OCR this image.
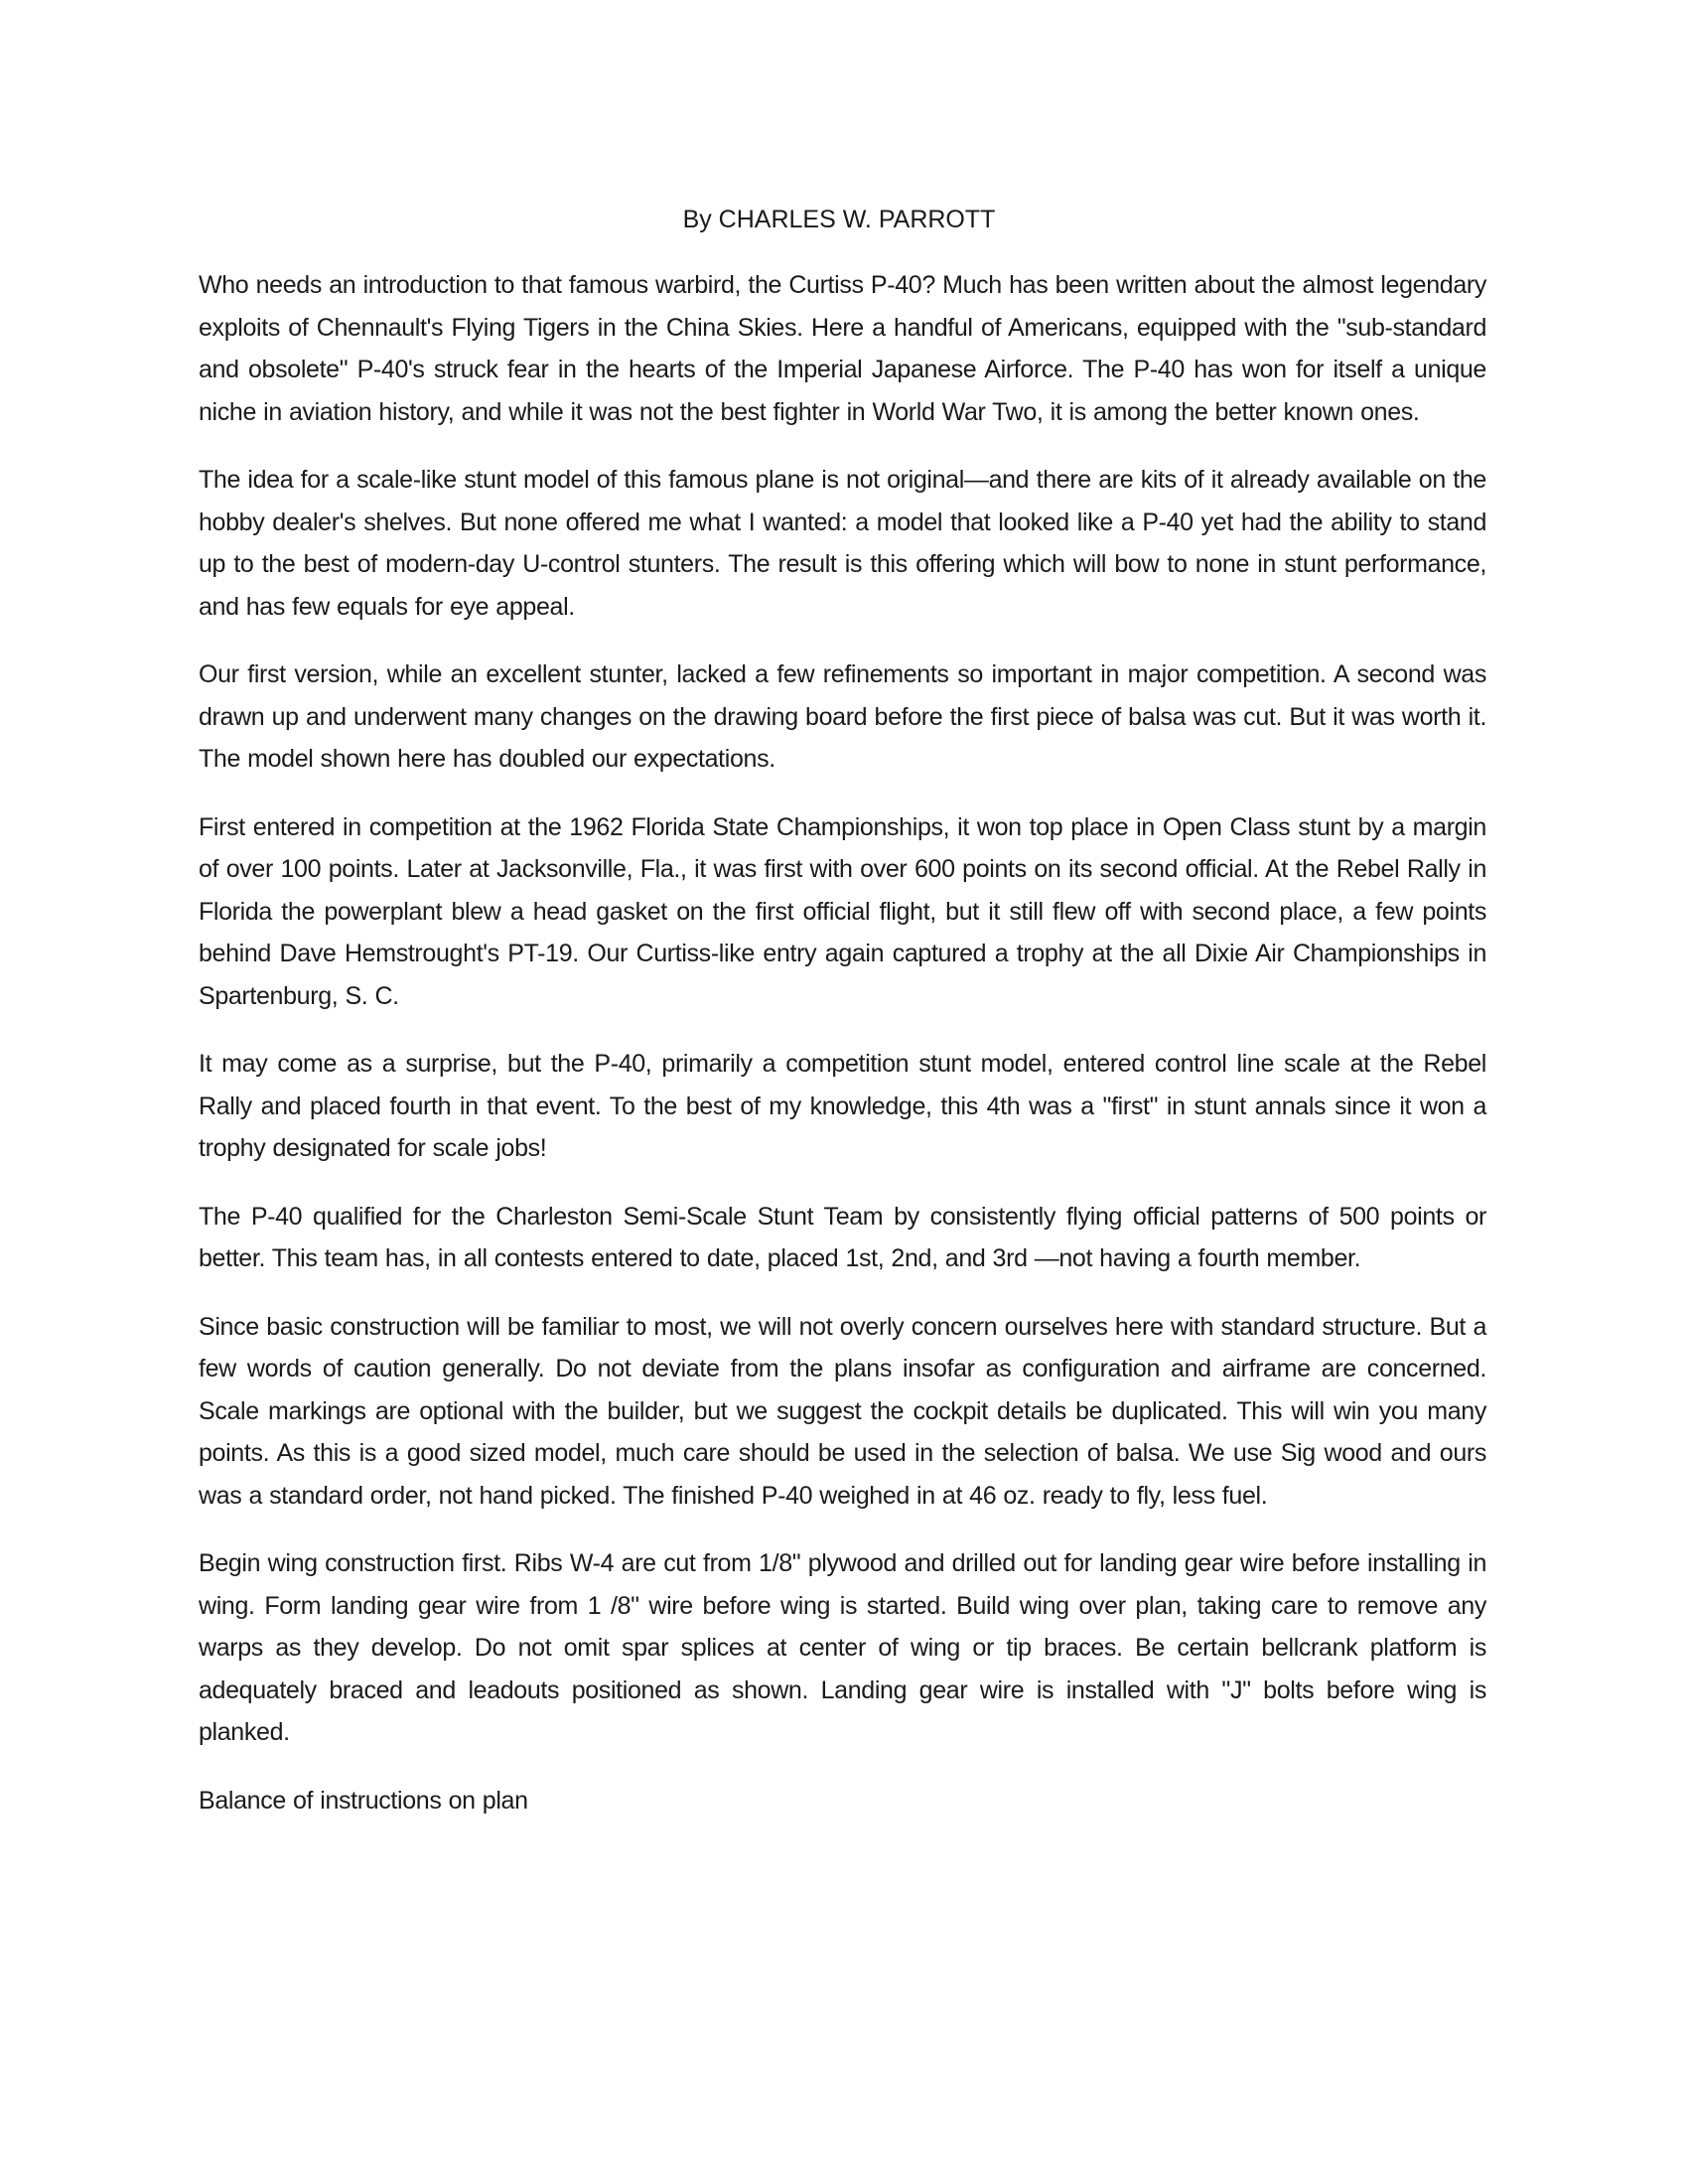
By CHARLES W. PARROTT

Who needs an introduction to that famous warbird, the Curtiss P-40? Much has been written about the almost legendary exploits of Chennault's Flying Tigers in the China Skies. Here a handful of Americans, equipped with the "sub-standard and obsolete" P-40's struck fear in the hearts of the Imperial Japanese Airforce. The P-40 has won for itself a unique niche in aviation history, and while it was not the best fighter in World War Two, it is among the better known ones.

The idea for a scale-like stunt model of this famous plane is not original—and there are kits of it already available on the hobby dealer's shelves. But none offered me what I wanted: a model that looked like a P-40 yet had the ability to stand up to the best of modern-day U-control stunters. The result is this offering which will bow to none in stunt performance, and has few equals for eye appeal.

Our first version, while an excellent stunter, lacked a few refinements so important in major competition. A second was drawn up and underwent many changes on the drawing board before the first piece of balsa was cut. But it was worth it. The model shown here has doubled our expectations.

First entered in competition at the 1962 Florida State Championships, it won top place in Open Class stunt by a margin of over 100 points. Later at Jacksonville, Fla., it was first with over 600 points on its second official. At the Rebel Rally in Florida the powerplant blew a head gasket on the first official flight, but it still flew off with second place, a few points behind Dave Hemstrought's PT-19. Our Curtiss-like entry again captured a trophy at the all Dixie Air Championships in Spartenburg, S. C.

It may come as a surprise, but the P-40, primarily a competition stunt model, entered control line scale at the Rebel Rally and placed fourth in that event. To the best of my knowledge, this 4th was a "first" in stunt annals since it won a trophy designated for scale jobs!

The P-40 qualified for the Charleston Semi-Scale Stunt Team by consistently flying official patterns of 500 points or better. This team has, in all contests entered to date, placed 1st, 2nd, and 3rd —not having a fourth member.

Since basic construction will be familiar to most, we will not overly concern ourselves here with standard structure. But a few words of caution generally. Do not deviate from the plans insofar as configuration and airframe are concerned. Scale markings are optional with the builder, but we suggest the cockpit details be duplicated. This will win you many points. As this is a good sized model, much care should be used in the selection of balsa. We use Sig wood and ours was a standard order, not hand picked. The finished P-40 weighed in at 46 oz. ready to fly, less fuel.

Begin wing construction first. Ribs W-4 are cut from 1/8" plywood and drilled out for landing gear wire before installing in wing. Form landing gear wire from 1 /8" wire before wing is started. Build wing over plan, taking care to remove any warps as they develop. Do not omit spar splices at center of wing or tip braces. Be certain bellcrank platform is adequately braced and leadouts positioned as shown. Landing gear wire is installed with "J" bolts before wing is planked.

Balance of instructions on plan
